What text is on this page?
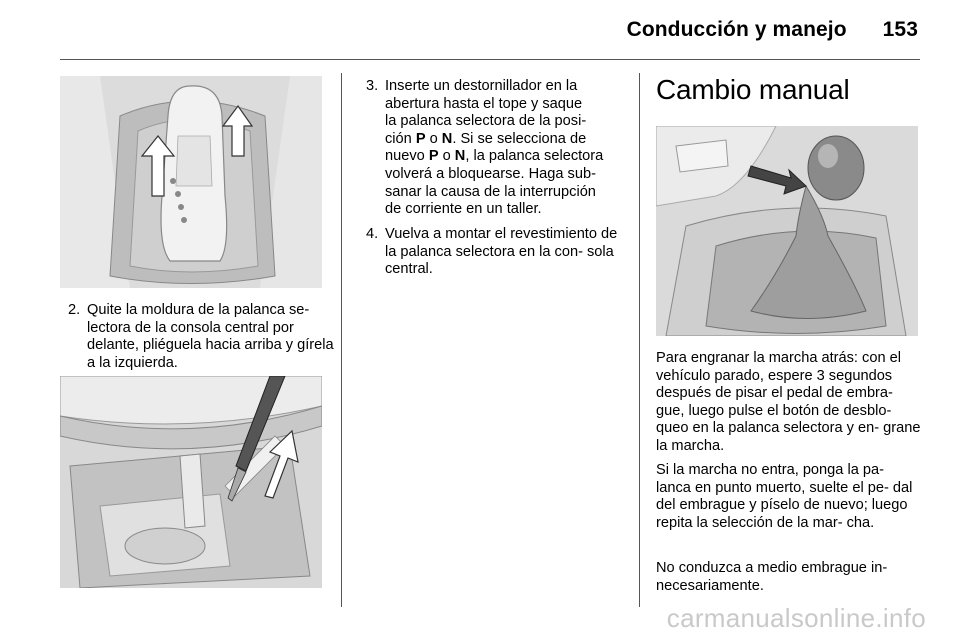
Conducción y manejo 153
2. Quite la moldura de la palanca se- lectora de la consola central por delante, pliéguela hacia arriba y gírela a la izquierda.
3. Inserte un destornillador en la
abertura hasta el tope y saque
la palanca selectora de la posi-
ción P o N. Si se selecciona de
nuevo P o N, la palanca selectora
volverá a bloquearse. Haga sub-
sanar la causa de la interrupción
de corriente en un taller.
4. Vuelva a montar el revestimiento de la palanca selectora en la con- sola central.
Cambio manual
Para engranar la marcha atrás: con el vehículo parado, espere 3 segundos después de pisar el pedal de embra- gue, luego pulse el botón de desblo- queo en la palanca selectora y en- grane la marcha.
Si la marcha no entra, ponga la pa- lanca en punto muerto, suelte el pe- dal del embrague y píselo de nuevo; luego repita la selección de la mar- cha.
No conduzca a medio embrague in- necesariamente.
carmanualsonline.info
